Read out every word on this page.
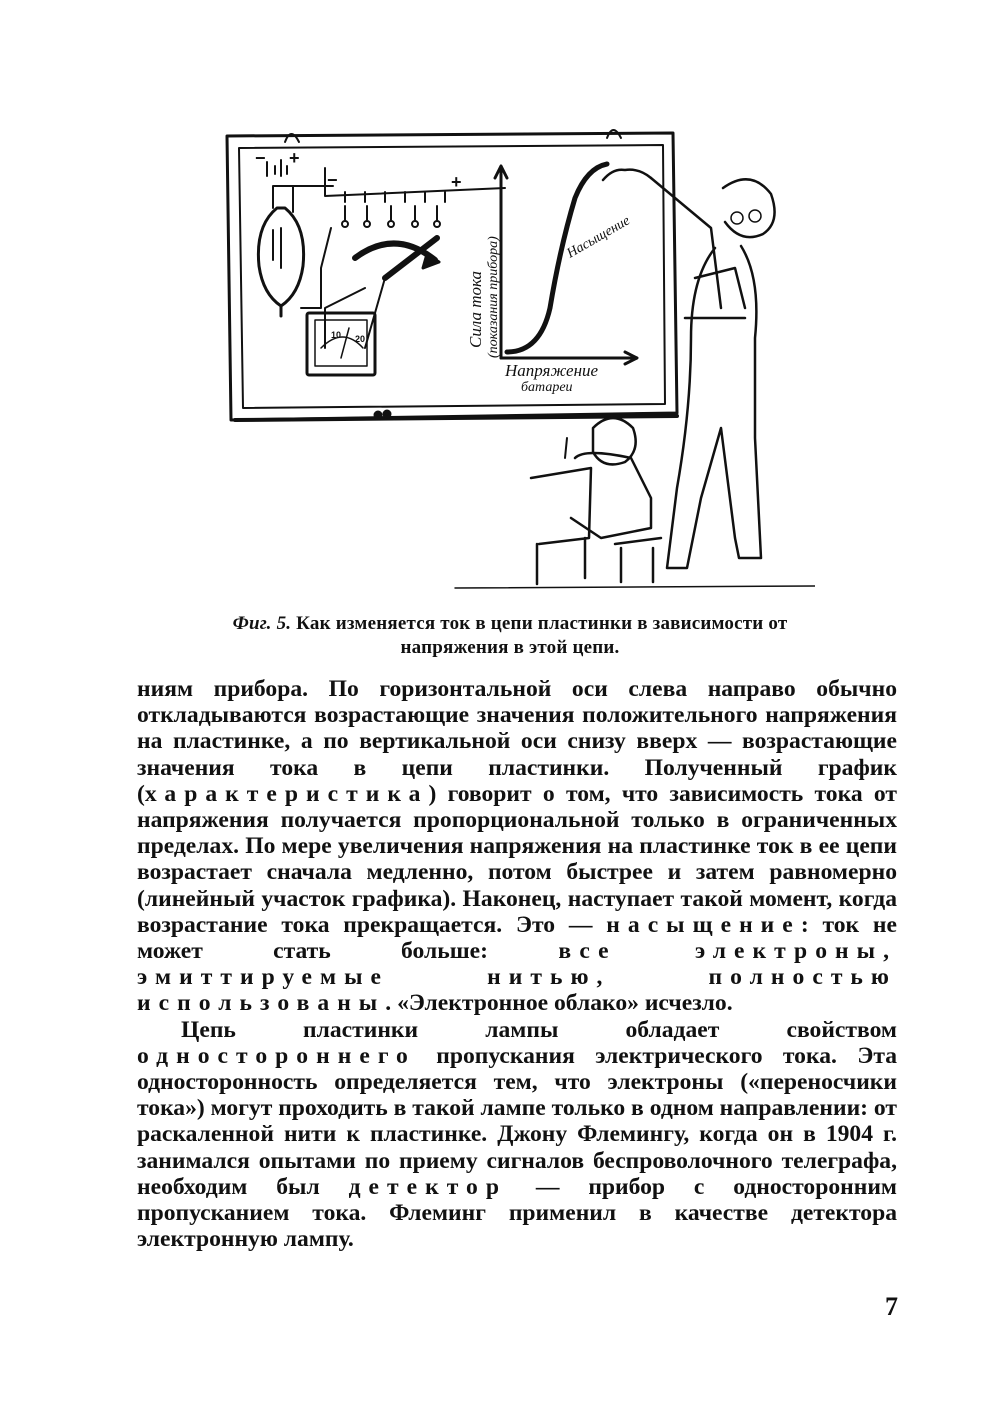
Сила тока (показания прибора)	Насыщение
Напряжение
батареи
+
+
−
−
10 20
Фиг. 5. Как изменяется ток в цепи пластинки в зависимости от напряжения в этой цепи.

ниям прибора. По горизонтальной оси слева направо обычно откладываются возрастающие значения положительного напряжения на пластинке, а по вертикальной оси снизу вверх — возрастающие значения тока в цепи пластинки. Полученный график (характеристика) говорит о том, что зависимость тока от напряжения получается пропорциональной только в ограниченных пределах. По мере увеличения напряжения на пластинке ток в ее цепи возрастает сначала медленно, потом быстрее и затем равномерно (линейный участок графика). Наконец, наступает такой момент, когда возрастание тока прекращается. Это — насыщение: ток не может стать больше: все электроны, эмиттируемые нитью, полностью использованы. «Электронное облако» исчезло.

Цепь пластинки лампы обладает свойством одностороннего пропускания электрического тока. Эта односторонность определяется тем, что электроны («переносчики тока») могут проходить в такой лампе только в одном направлении: от раскаленной нити к пластинке. Джону Флемингу, когда он в 1904 г. занимался опытами по приему сигналов беспроволочного телеграфа, необходим был детектор — прибор с односторонним пропусканием тока. Флеминг применил в качестве детектора электронную лампу.

7
